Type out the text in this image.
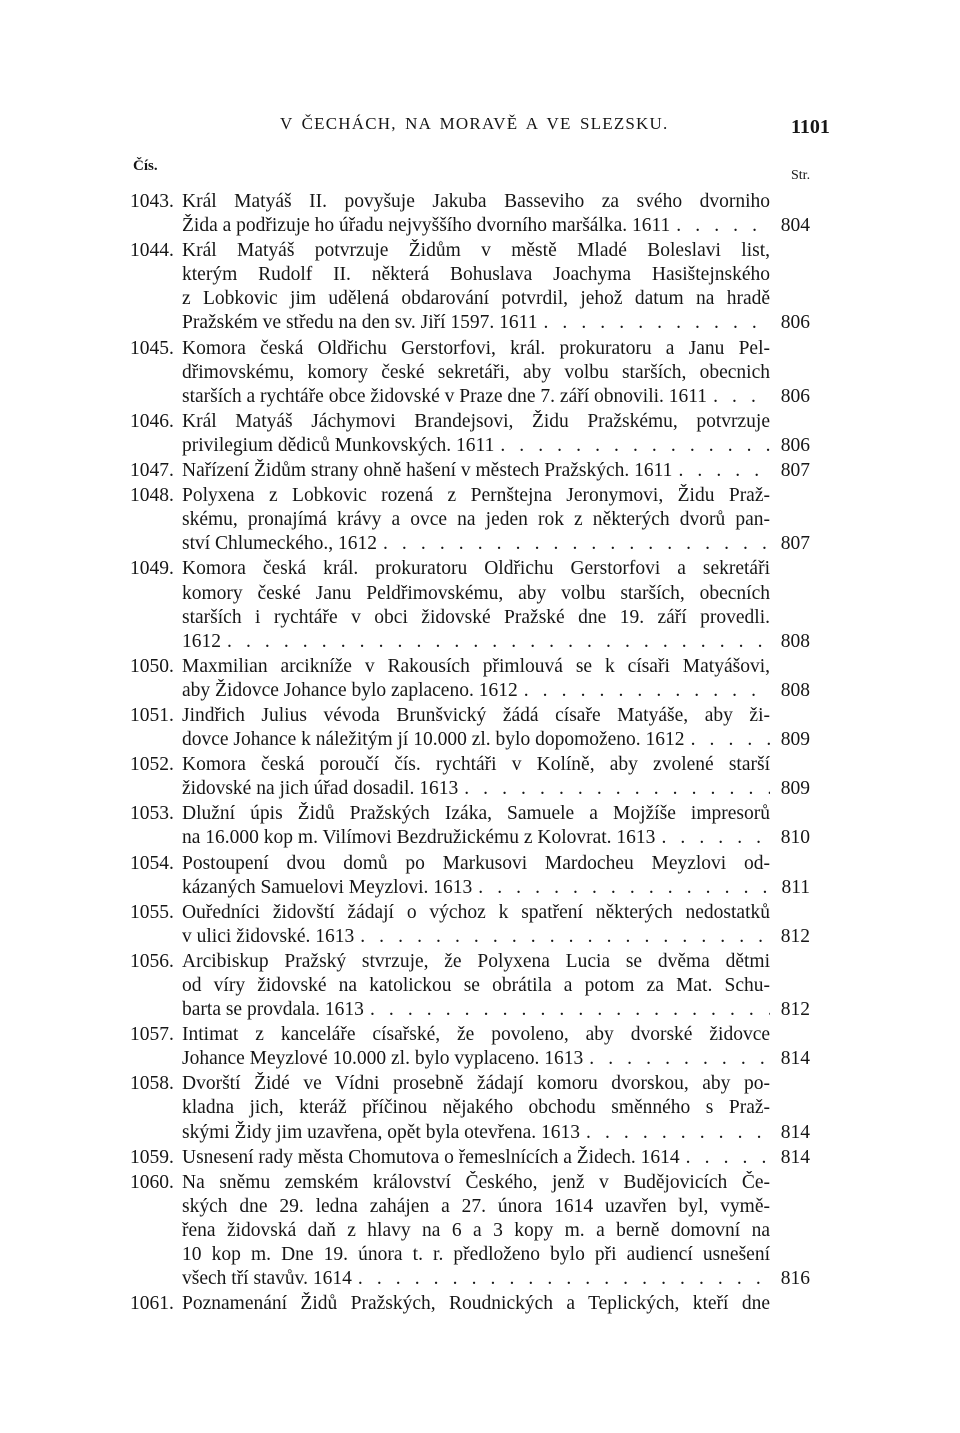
V ČECHÁCH, NA MORAVĚ A VE SLEZSKU.	1101
Čís.
Str.
1043. Král Matyáš II. povyšuje Jakuba Basseviho za svého dvorniho
Žida a podřizuje ho úřadu nejvyššího dvorního maršálka. 1611 . . .	804
1044. Král Matyáš potvrzuje Židům v městě Mladé Boleslavi list,
kterým Rudolf II. některá Bohuslava Joachyma Hasištejnského
z Lobkovic jim udělená obdarování potvrdil, jehož datum na hradě
Pražském ve středu na den sv. Jiří 1597. 1611 . . .	806
1045. Komora česká Oldřichu Gerstorfovi, král. prokuratoru a Janu Pel-
dřimovskému, komory české sekretáři, aby volbu starších, obecnich
starších a rychtáře obce židovské v Praze dne 7. září obnovili. 1611 . . .	806
1046. Král Matyáš Jáchymovi Brandejsovi, Židu Pražskému, potvrzuje
privilegium dědiců Munkovských. 1611 . . .	806
1047. Nařízení Židům strany ohně hašení v městech Pražských. 1611 . . .	807
1048. Polyxena z Lobkovic rozená z Pernštejna Jeronymovi, Židu Praž-
skému, pronajímá krávy a ovce na jeden rok z některých dvorů pan-
ství Chlumeckého., 1612 . . .	807
1049. Komora česká král. prokuratoru Oldřichu Gerstorfovi a sekretáři
komory české Janu Peldřimovskému, aby volbu starších, obecních
starších i rychtáře v obci židovské Pražské dne 19. září provedli.
1612 . . .	808
1050. Maxmilian arcikníže v Rakousích přimlouvá se k císaři Matyášovi,
aby Židovce Johance bylo zaplaceno. 1612 . . .	808
1051. Jindřich Julius vévoda Brunšvický žádá císaře Matyáše, aby ži-
dovce Johance k náležitým jí 10.000 zl. bylo dopomoženo. 1612 . . .	809
1052. Komora česká poroučí čís. rychtáři v Kolíně, aby zvolené starší
židovské na jich úřad dosadil. 1613 . . .	809
1053. Dlužní úpis Židů Pražských Izáka, Samuele a Mojžíše impresorů
na 16.000 kop m. Vilímovi Bezdružickému z Kolovrat. 1613 . . .	810
1054. Postoupení dvou domů po Markusovi Mardocheu Meyzlovi od-
kázaných Samuelovi Meyzlovi. 1613 . . .	811
1055. Ouředníci židovští žádají o výchoz k spatření některých nedostatků
v ulici židovské. 1613 . . .	812
1056. Arcibiskup Pražský stvrzuje, že Polyxena Lucia se dvěma dětmi
od víry židovské na katolickou se obrátila a potom za Mat. Schu-
barta se provdala. 1613 . . .	812
1057. Intimat z kanceláře císařské, že povoleno, aby dvorské židovce
Johance Meyzlové 10.000 zl. bylo vyplaceno. 1613 . . .	814
1058. Dvorští Židé ve Vídni prosebně žádají komoru dvorskou, aby po-
kladna jich, kteráž příčinou nějakého obchodu směnného s Praž-
skými Židy jim uzavřena, opět byla otevřena. 1613 . . .	814
1059. Usnesení rady města Chomutova o řemeslnících a Židech. 1614 . . .	814
1060. Na sněmu zemském království Českého, jenž v Budějovicích Če-
ských dne 29. ledna zahájen a 27. února 1614 uzavřen byl, vymě-
řena židovská daň z hlavy na 6 a 3 kopy m. a berně domovní na
10 kop m. Dne 19. února t. r. předloženo bylo při audiencí usnešení
všech tří stavův. 1614 . . .	816
1061. Poznamenání Židů Pražských, Roudnických a Teplických, kteří dne
